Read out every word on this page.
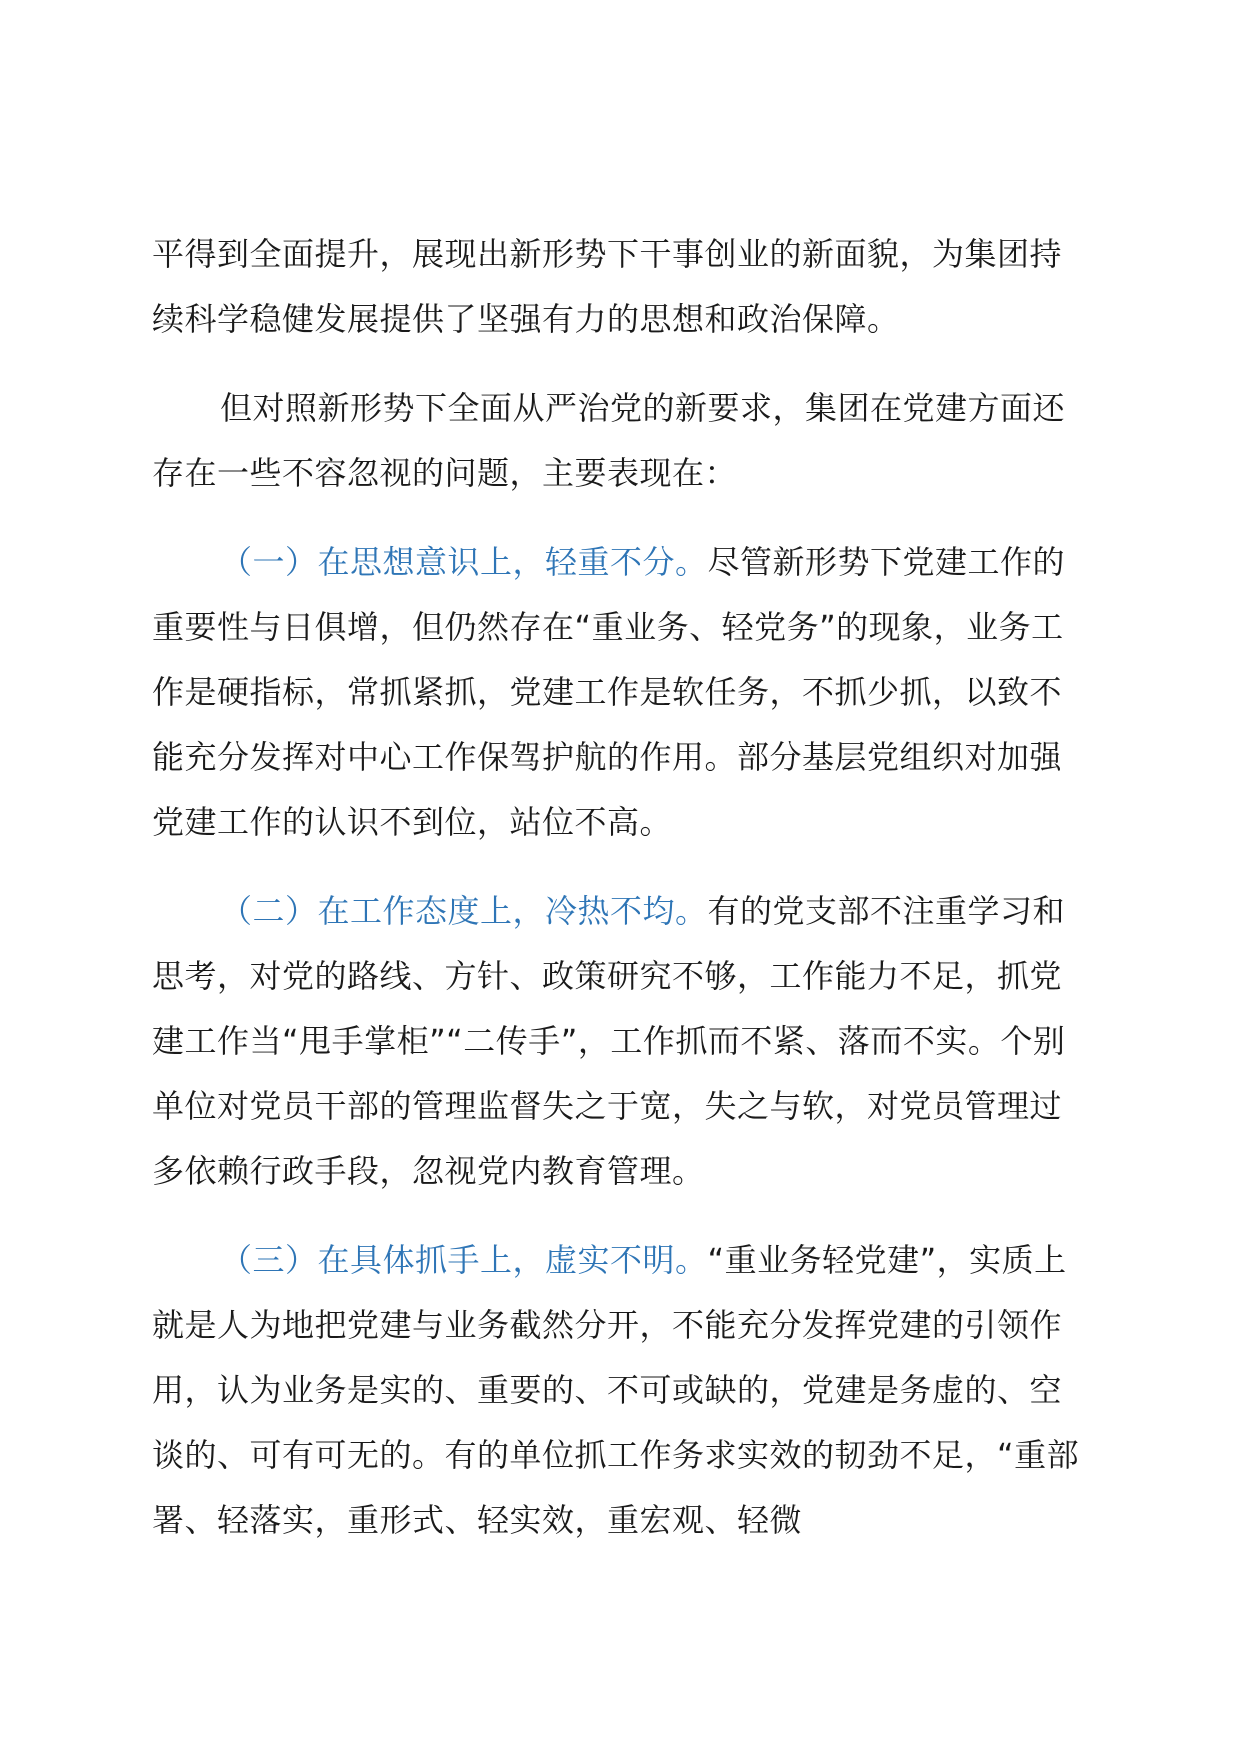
平得到全面提升，展现出新形势下干事创业的新面貌，为集团持续科学稳健发展提供了坚强有力的思想和政治保障。

但对照新形势下全面从严治党的新要求，集团在党建方面还存在一些不容忽视的问题，主要表现在：

（一）在思想意识上，轻重不分。尽管新形势下党建工作的重要性与日俱增，但仍然存在“重业务、轻党务”的现象，业务工作是硬指标，常抓紧抓，党建工作是软任务，不抓少抓，以致不能充分发挥对中心工作保驾护航的作用。部分基层党组织对加强党建工作的认识不到位，站位不高。

（二）在工作态度上，冷热不均。有的党支部不注重学习和思考，对党的路线、方针、政策研究不够，工作能力不足，抓党建工作当“甩手掌柜”“二传手”，工作抓而不紧、落而不实。个别单位对党员干部的管理监督失之于宽，失之与软，对党员管理过多依赖行政手段，忽视党内教育管理。

（三）在具体抓手上，虚实不明。“重业务轻党建”，实质上就是人为地把党建与业务截然分开，不能充分发挥党建的引领作用，认为业务是实的、重要的、不可或缺的，党建是务虚的、空谈的、可有可无的。有的单位抓工作务求实效的韧劲不足，“重部署、轻落实，重形式、轻实效，重宏观、轻微
